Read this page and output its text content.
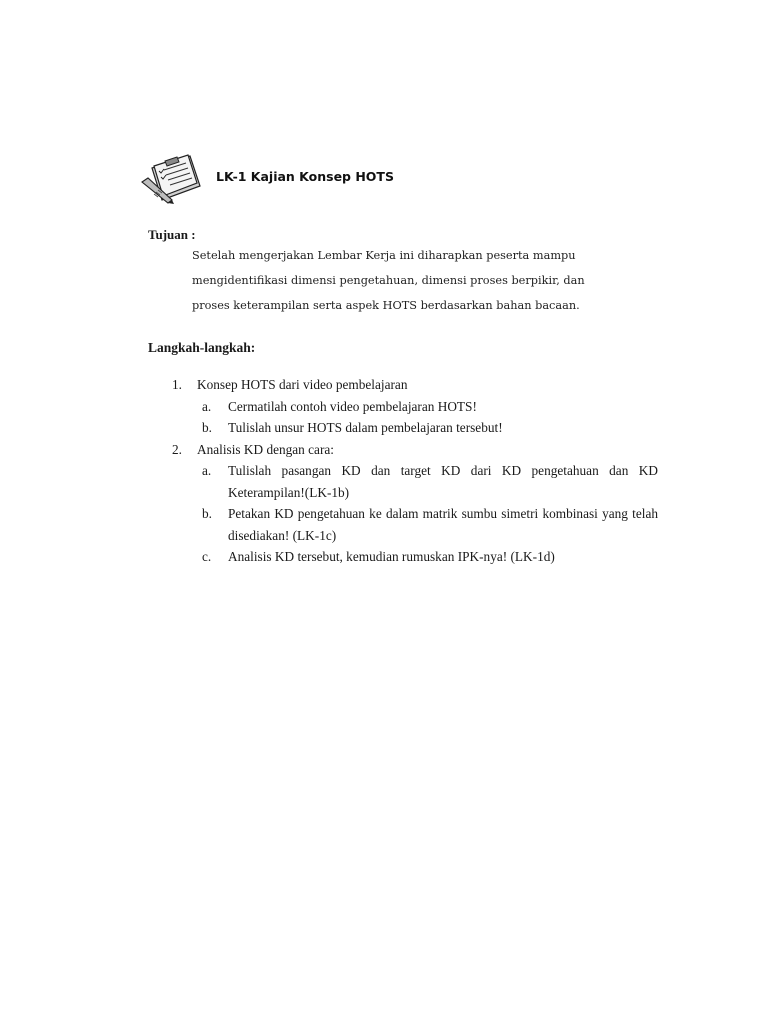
LK-1 Kajian Konsep HOTS
Tujuan :
Setelah mengerjakan Lembar Kerja ini diharapkan peserta mampu
mengidentifikasi dimensi pengetahuan, dimensi proses berpikir, dan
proses keterampilan serta aspek HOTS berdasarkan bahan bacaan.
Langkah-langkah:
1.	Konsep HOTS dari video pembelajaran
a. Cermatilah contoh video pembelajaran HOTS!
b. Tulislah unsur HOTS dalam pembelajaran tersebut!
2.	Analisis KD dengan cara:
a. Tulislah pasangan KD dan target KD dari KD pengetahuan dan KD Keterampilan!(LK-1b)
b. Petakan KD pengetahuan ke dalam matrik sumbu simetri kombinasi yang telah disediakan! (LK-1c)
c. Analisis KD tersebut, kemudian rumuskan IPK-nya! (LK-1d)
